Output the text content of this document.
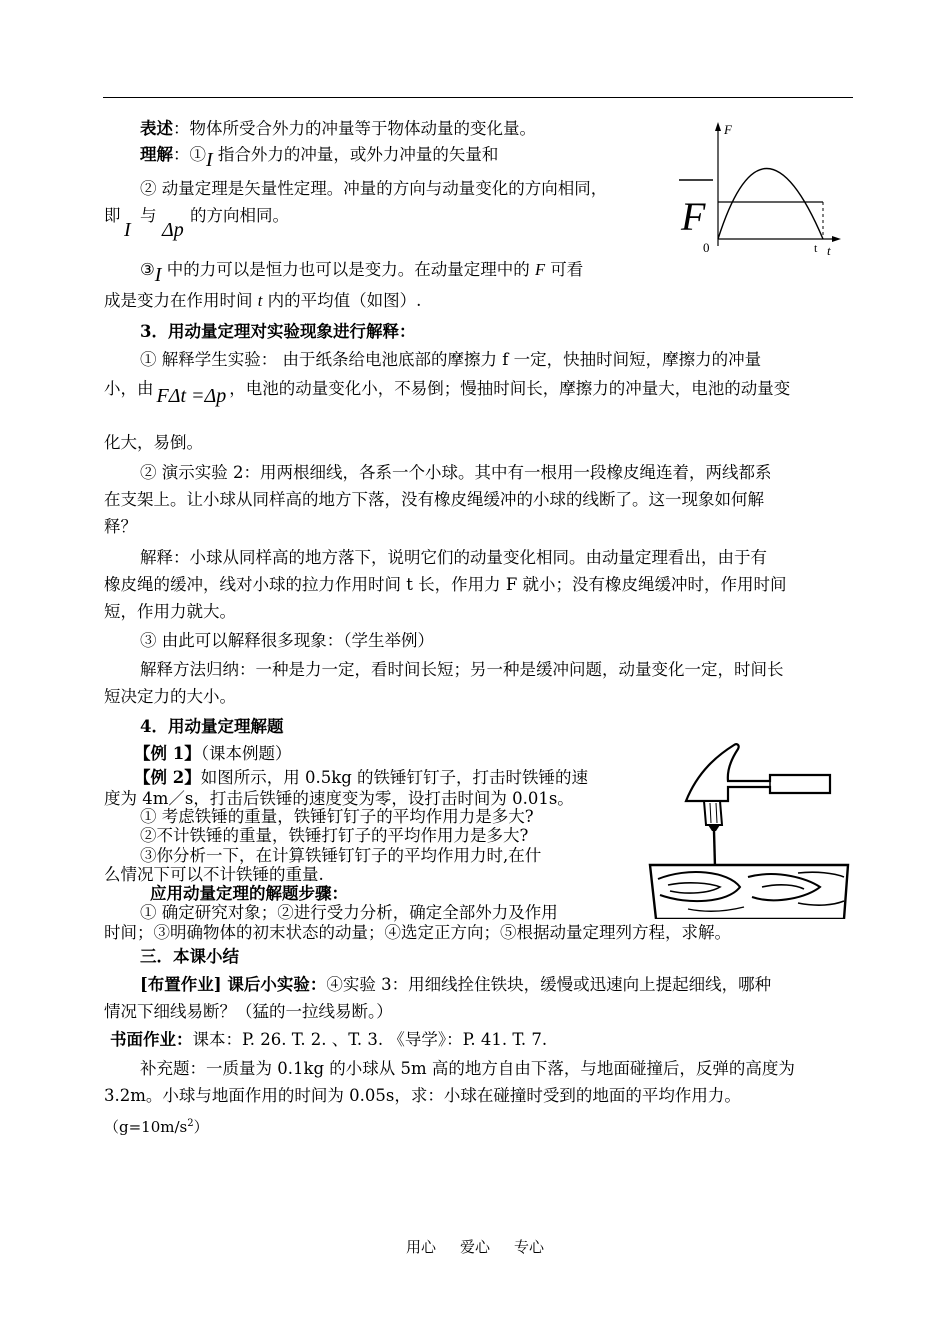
表述：物体所受合外力的冲量等于物体动量的变化量。
理解：①I 指合外力的冲量，或外力冲量的矢量和
② 动量定理是矢量性定理。冲量的方向与动量变化的方向相同，
即
I
与
Δp
的方向相同。
③I 中的力可以是恒力也可以是变力。在动量定理中的 F 可看
成是变力在作用时间 t 内的平均值（如图）.
F
F
0	t t
3．用动量定理对实验现象进行解释：
① 解释学生实验： 由于纸条给电池底部的摩擦力 f 一定，快抽时间短，摩擦力的冲量
小，由 FΔt =Δp ，电池的动量变化小，不易倒；慢抽时间长，摩擦力的冲量大，电池的动量变
化大，易倒。
② 演示实验 2：用两根细线，各系一个小球。其中有一根用一段橡皮绳连着，两线都系
在支架上。让小球从同样高的地方下落，没有橡皮绳缓冲的小球的线断了。这一现象如何解
释？
解释：小球从同样高的地方落下，说明它们的动量变化相同。由动量定理看出，由于有
橡皮绳的缓冲，线对小球的拉力作用时间 t 长，作用力 F 就小；没有橡皮绳缓冲时，作用时间
短，作用力就大。
③ 由此可以解释很多现象：（学生举例）
解释方法归纳：一种是力一定，看时间长短；另一种是缓冲问题，动量变化一定，时间长
短决定力的大小。
4．用动量定理解题
【例 1】（课本例题）
【例 2】如图所示，用 0.5kg 的铁锤钉钉子，打击时铁锤的速
度为 4m／s，打击后铁锤的速度变为零，设打击时间为 0.01s。
① 考虑铁锤的重量，铁锤钉钉子的平均作用力是多大?
②不计铁锤的重量，铁锤打钉子的平均作用力是多大?
③你分析一下，在计算铁锤钉钉子的平均作用力时,在什
么情况下可以不计铁锤的重量.
应用动量定理的解题步骤：
① 确定研究对象；②进行受力分析，确定全部外力及作用
时间；③明确物体的初末状态的动量；④选定正方向；⑤根据动量定理列方程，求解。
三．本课小结
[布置作业] 课后小实验：④实验 3：用细线拴住铁块，缓慢或迅速向上提起细线，哪种
情况下细线易断？（猛的一拉线易断。）
书面作业：课本：P. 26. T. 2. 、T. 3. 《导学》：P. 41. T. 7.
补充题：一质量为 0.1kg 的小球从 5m 高的地方自由下落，与地面碰撞后，反弹的高度为
3.2m。小球与地面作用的时间为 0.05s，求：小球在碰撞时受到的地面的平均作用力。
$(g=10m/s^2)$
用心 爱心 专心
